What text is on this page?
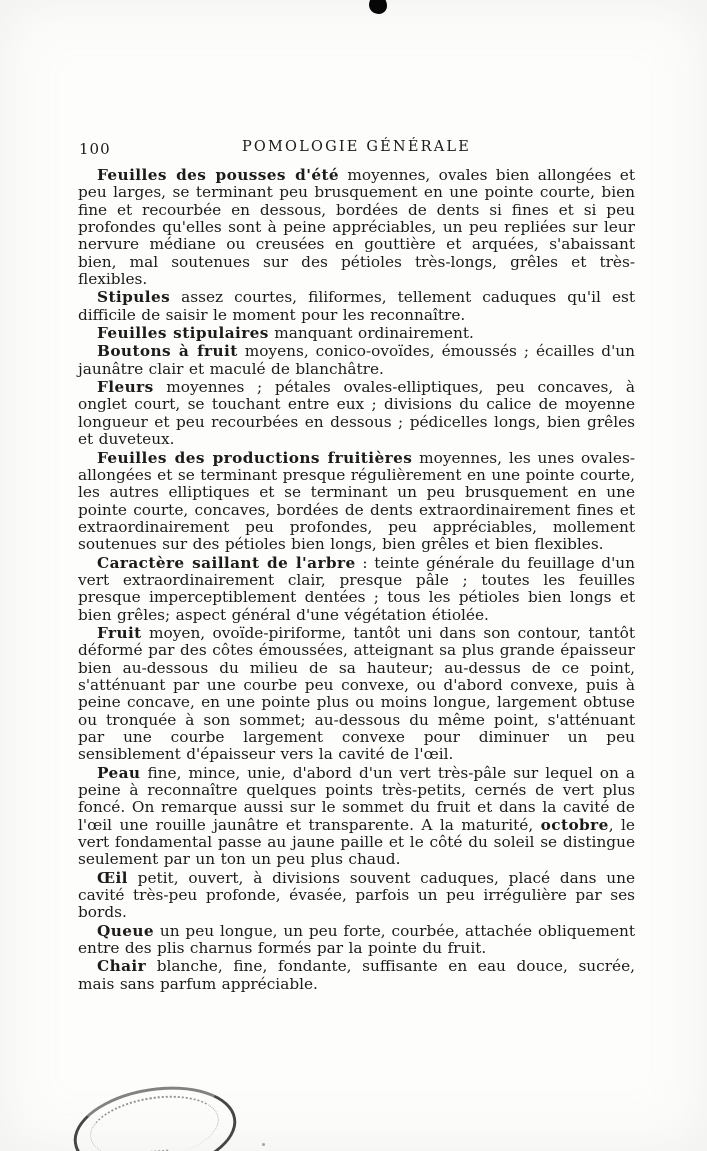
100	POMOLOGIE GÉNÉRALE

Feuilles des pousses d'été moyennes, ovales bien allongées et peu larges, se terminant peu brusquement en une pointe courte, bien fine et recourbée en dessous, bordées de dents si fines et si peu profondes qu'elles sont à peine appréciables, un peu repliées sur leur nervure médiane ou creusées en gouttière et arquées, s'abaissant bien, mal soutenues sur des pétioles très-longs, grêles et très-flexibles.

Stipules assez courtes, filiformes, tellement caduques qu'il est difficile de saisir le moment pour les reconnaître.

Feuilles stipulaires manquant ordinairement.

Boutons à fruit moyens, conico-ovoïdes, émoussés ; écailles d'un jaunâtre clair et maculé de blanchâtre.

Fleurs moyennes ; pétales ovales-elliptiques, peu concaves, à onglet court, se touchant entre eux ; divisions du calice de moyenne longueur et peu recourbées en dessous ; pédicelles longs, bien grêles et duveteux.

Feuilles des productions fruitières moyennes, les unes ovales-allongées et se terminant presque régulièrement en une pointe courte, les autres elliptiques et se terminant un peu brusquement en une pointe courte, concaves, bordées de dents extraordinairement fines et extraordinairement peu profondes, peu appréciables, mollement soutenues sur des pétioles bien longs, bien grêles et bien flexibles.

Caractère saillant de l'arbre : teinte générale du feuillage d'un vert extraordinairement clair, presque pâle ; toutes les feuilles presque imperceptiblement dentées ; tous les pétioles bien longs et bien grêles; aspect général d'une végétation étiolée.

Fruit moyen, ovoïde-piriforme, tantôt uni dans son contour, tantôt déformé par des côtes émoussées, atteignant sa plus grande épaisseur bien au-dessous du milieu de sa hauteur; au-dessus de ce point, s'atténuant par une courbe peu convexe, ou d'abord convexe, puis à peine concave, en une pointe plus ou moins longue, largement obtuse ou tronquée à son sommet; au-dessous du même point, s'atténuant par une courbe largement convexe pour diminuer un peu sensiblement d'épaisseur vers la cavité de l'œil.

Peau fine, mince, unie, d'abord d'un vert très-pâle sur lequel on a peine à reconnaître quelques points très-petits, cernés de vert plus foncé. On remarque aussi sur le sommet du fruit et dans la cavité de l'œil une rouille jaunâtre et transparente. A la maturité, octobre, le vert fondamental passe au jaune paille et le côté du soleil se distingue seulement par un ton un peu plus chaud.

Œil petit, ouvert, à divisions souvent caduques, placé dans une cavité très-peu profonde, évasée, parfois un peu irrégulière par ses bords.

Queue un peu longue, un peu forte, courbée, attachée obliquement entre des plis charnus formés par la pointe du fruit.

Chair blanche, fine, fondante, suffisante en eau douce, sucrée, mais sans parfum appréciable.
